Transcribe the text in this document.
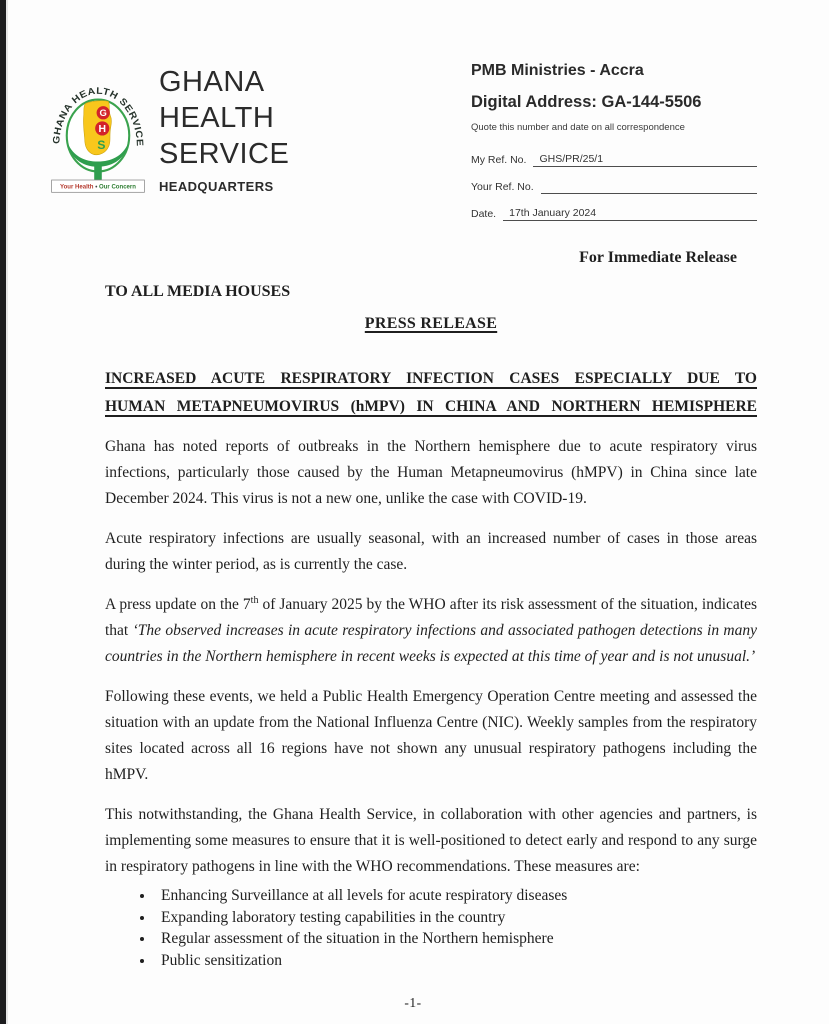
GHANA HEALTH SERVICE
G
H
S
Your Health • Our Concern
GHANA
HEALTH
SERVICE
HEADQUARTERS
PMB Ministries - Accra
Digital Address: GA-144-5506
Quote this number and date on all correspondence
My Ref. No.	GHS/PR/25/1
Your Ref. No.
Date.	17th January 2024
For Immediate Release
TO ALL MEDIA HOUSES
PRESS RELEASE
INCREASED ACUTE RESPIRATORY INFECTION CASES ESPECIALLY DUE TO
HUMAN METAPNEUMOVIRUS (hMPV) IN CHINA AND NORTHERN HEMISPHERE

Ghana has noted reports of outbreaks in the Northern hemisphere due to acute respiratory virus infections, particularly those caused by the Human Metapneumovirus (hMPV) in China since late December 2024. This virus is not a new one, unlike the case with COVID-19.

Acute respiratory infections are usually seasonal, with an increased number of cases in those areas during the winter period, as is currently the case.

A press update on the 7th of January 2025 by the WHO after its risk assessment of the situation, indicates that ‘The observed increases in acute respiratory infections and associated pathogen detections in many countries in the Northern hemisphere in recent weeks is expected at this time of year and is not unusual.’

Following these events, we held a Public Health Emergency Operation Centre meeting and assessed the situation with an update from the National Influenza Centre (NIC). Weekly samples from the respiratory sites located across all 16 regions have not shown any unusual respiratory pathogens including the hMPV.

This notwithstanding, the Ghana Health Service, in collaboration with other agencies and partners, is implementing some measures to ensure that it is well-positioned to detect early and respond to any surge in respiratory pathogens in line with the WHO recommendations. These measures are:

• Enhancing Surveillance at all levels for acute respiratory diseases
• Expanding laboratory testing capabilities in the country
• Regular assessment of the situation in the Northern hemisphere
• Public sensitization
-1-
